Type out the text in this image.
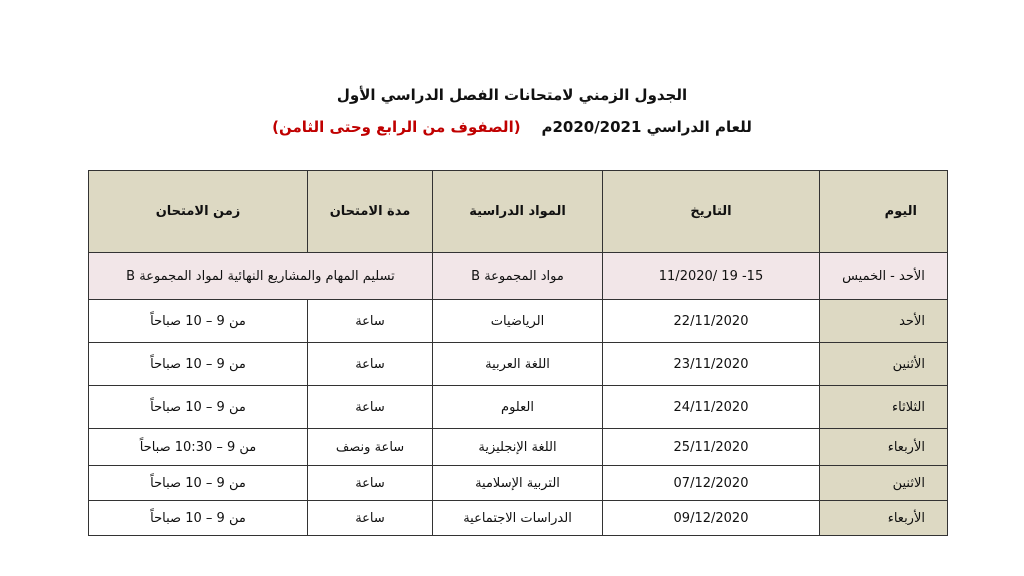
الجدول الزمني لامتحانات الفصل الدراسي الأول
للعام الدراسي 2020/2021م    (الصفوف من الرابع وحتى الثامن)
اليوم	التاريخ	المواد الدراسية	مدة الامتحان	زمن الامتحان
الأحد - الخميس	15- 19 /11/2020	مواد المجموعة B	تسليم المهام والمشاريع النهائية لمواد المجموعة B	
الأحد	22/11/2020	الرياضيات	ساعة	من 9 – 10 صباحاً
الأثنين	23/11/2020	اللغة العربية	ساعة	من 9 – 10 صباحاً
الثلاثاء	24/11/2020	العلوم	ساعة	من 9 – 10 صباحاً
الأربعاء	25/11/2020	اللغة الإنجليزية	ساعة ونصف	من 9 – 10:30 صباحاً
الاثنين	07/12/2020	التربية الإسلامية	ساعة	من 9 – 10 صباحاً
الأربعاء	09/12/2020	الدراسات الاجتماعية	ساعة	من 9 – 10 صباحاً
